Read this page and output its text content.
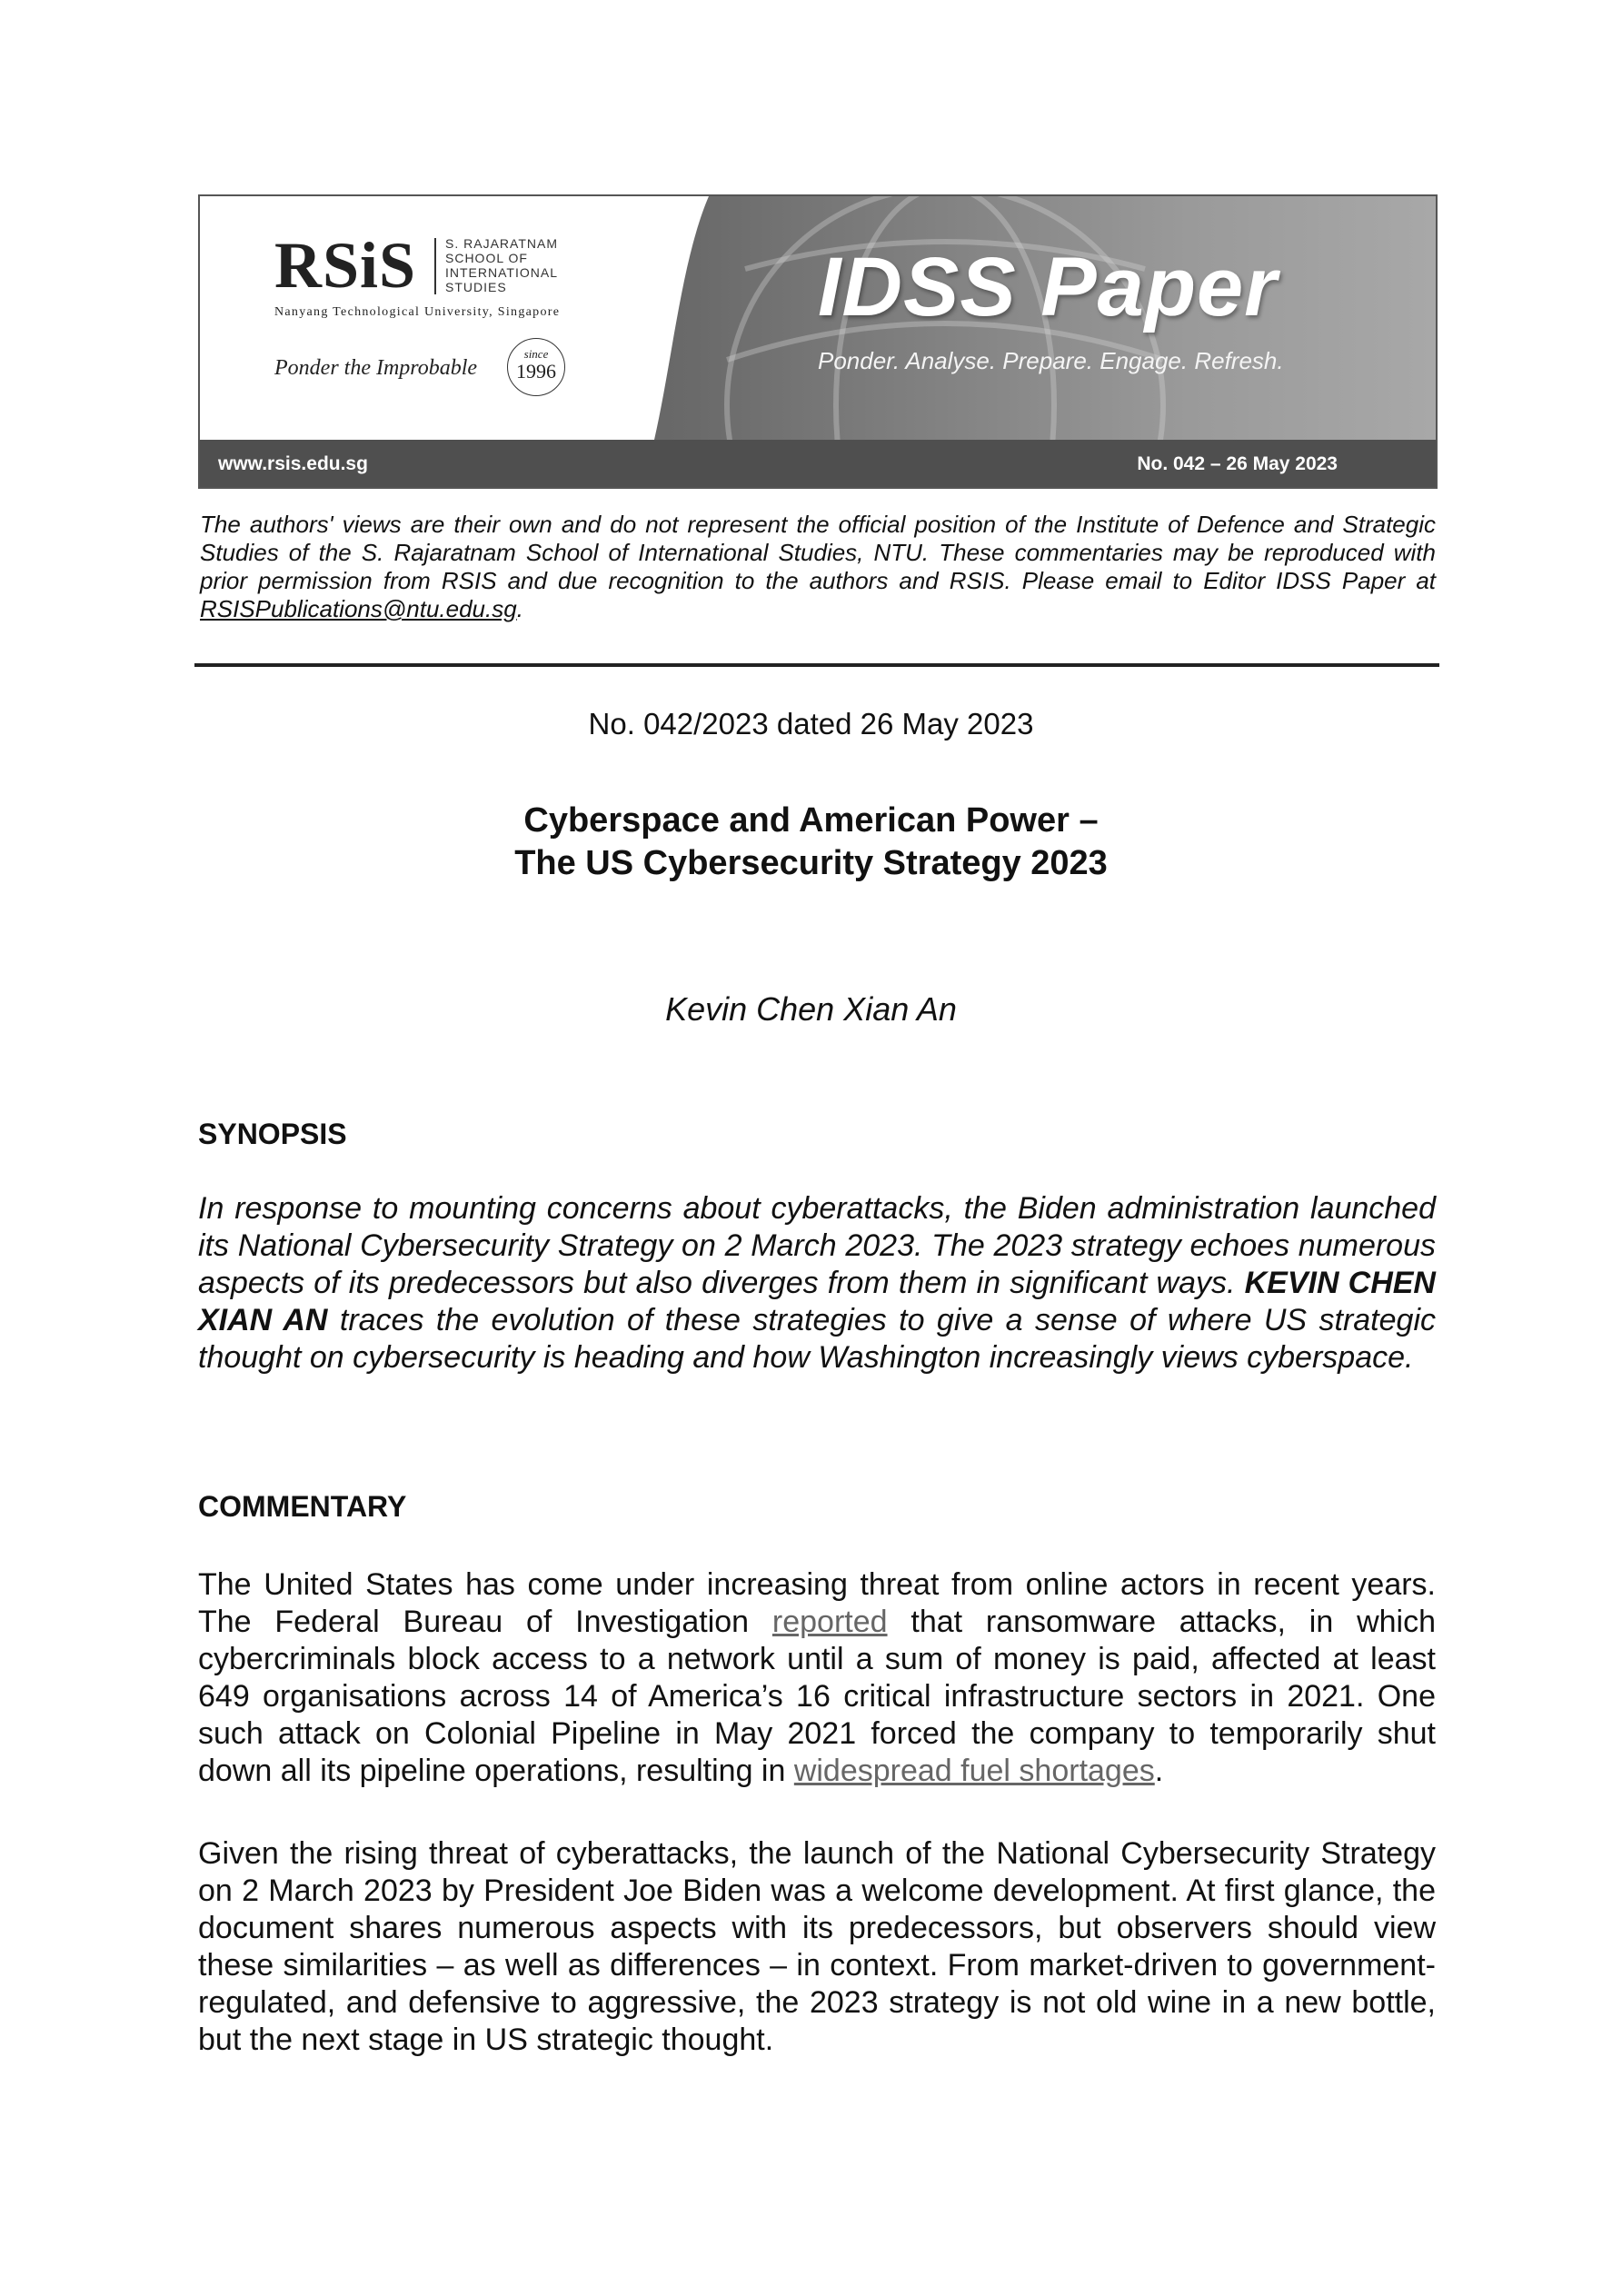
RSiS S. RAJARATNAM SCHOOL OF INTERNATIONAL STUDIES
Nanyang Technological University, Singapore
Ponder the Improbable
since
1996
IDSS Paper
Ponder. Analyse. Prepare. Engage. Refresh.
www.rsis.edu.sg	No. 042 – 26 May 2023
The authors' views are their own and do not represent the official position of the Institute of Defence and Strategic Studies of the S. Rajaratnam School of International Studies, NTU. These commentaries may be reproduced with prior permission from RSIS and due recognition to the authors and RSIS. Please email to Editor IDSS Paper at RSISPublications@ntu.edu.sg.
No. 042/2023 dated 26 May 2023
Cyberspace and American Power –
The US Cybersecurity Strategy 2023
Kevin Chen Xian An
SYNOPSIS
In response to mounting concerns about cyberattacks, the Biden administration launched its National Cybersecurity Strategy on 2 March 2023. The 2023 strategy echoes numerous aspects of its predecessors but also diverges from them in significant ways. KEVIN CHEN XIAN AN traces the evolution of these strategies to give a sense of where US strategic thought on cybersecurity is heading and how Washington increasingly views cyberspace.
COMMENTARY
The United States has come under increasing threat from online actors in recent years. The Federal Bureau of Investigation reported that ransomware attacks, in which cybercriminals block access to a network until a sum of money is paid, affected at least 649 organisations across 14 of America’s 16 critical infrastructure sectors in 2021. One such attack on Colonial Pipeline in May 2021 forced the company to temporarily shut down all its pipeline operations, resulting in widespread fuel shortages.
Given the rising threat of cyberattacks, the launch of the National Cybersecurity Strategy on 2 March 2023 by President Joe Biden was a welcome development. At first glance, the document shares numerous aspects with its predecessors, but observers should view these similarities – as well as differences – in context. From market-driven to government-regulated, and defensive to aggressive, the 2023 strategy is not old wine in a new bottle, but the next stage in US strategic thought.
